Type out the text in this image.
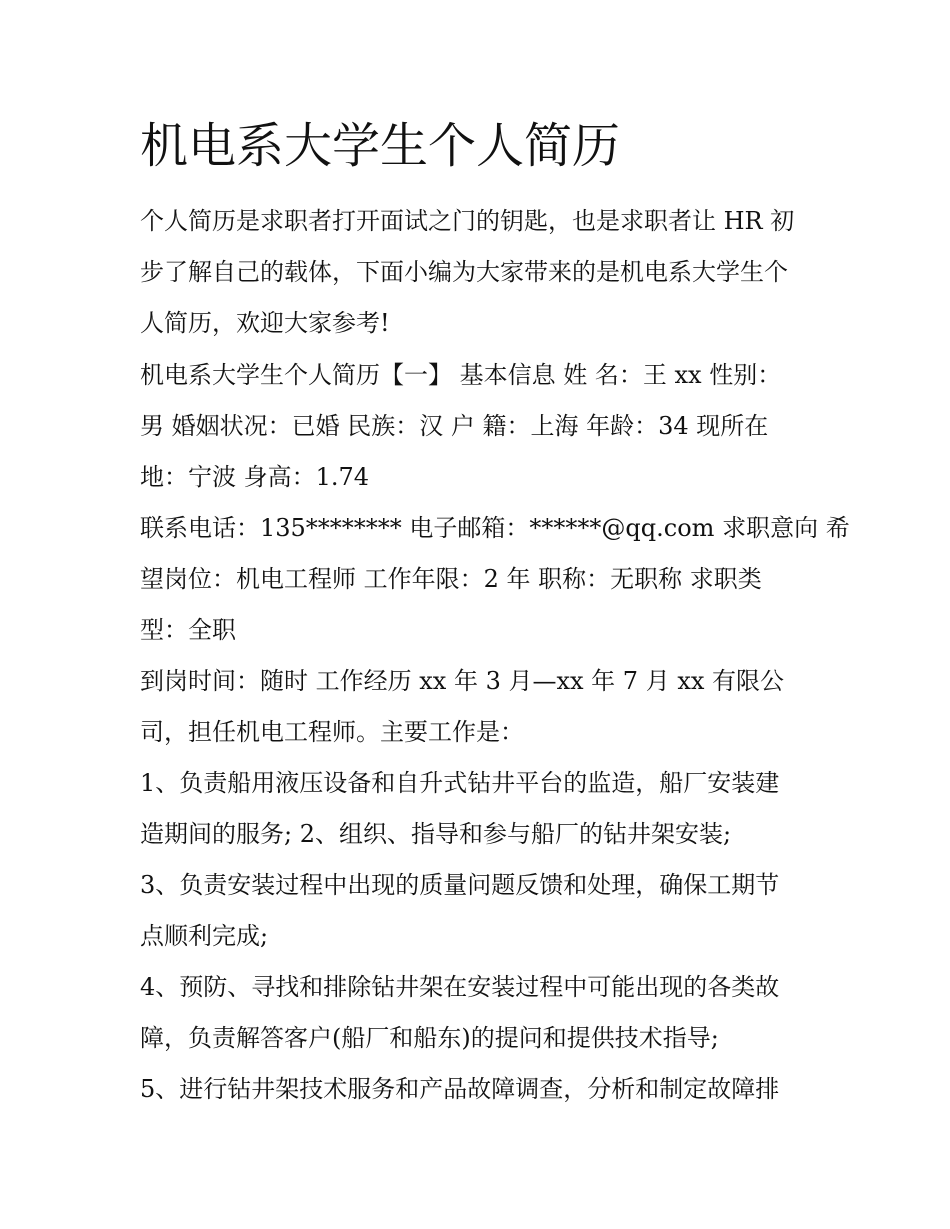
机电系大学生个人简历

个人简历是求职者打开面试之门的钥匙，也是求职者让 HR 初

步了解自己的载体，下面小编为大家带来的是机电系大学生个

人简历，欢迎大家参考!

机电系大学生个人简历【一】 基本信息 姓 名：王 xx 性别：

男 婚姻状况：已婚 民族：汉 户 籍：上海 年龄：34 现所在

地：宁波 身高：1.74

联系电话：135******** 电子邮箱：******@qq.com 求职意向 希

望岗位：机电工程师 工作年限：2 年 职称：无职称 求职类

型：全职

到岗时间：随时 工作经历 xx 年 3 月—xx 年 7 月 xx 有限公

司，担任机电工程师。主要工作是：

1、负责船用液压设备和自升式钻井平台的监造，船厂安装建

造期间的服务; 2、组织、指导和参与船厂的钻井架安装;

3、负责安装过程中出现的质量问题反馈和处理，确保工期节

点顺利完成;

4、预防、寻找和排除钻井架在安装过程中可能出现的各类故

障，负责解答客户(船厂和船东)的提问和提供技术指导;

5、进行钻井架技术服务和产品故障调查，分析和制定故障排
